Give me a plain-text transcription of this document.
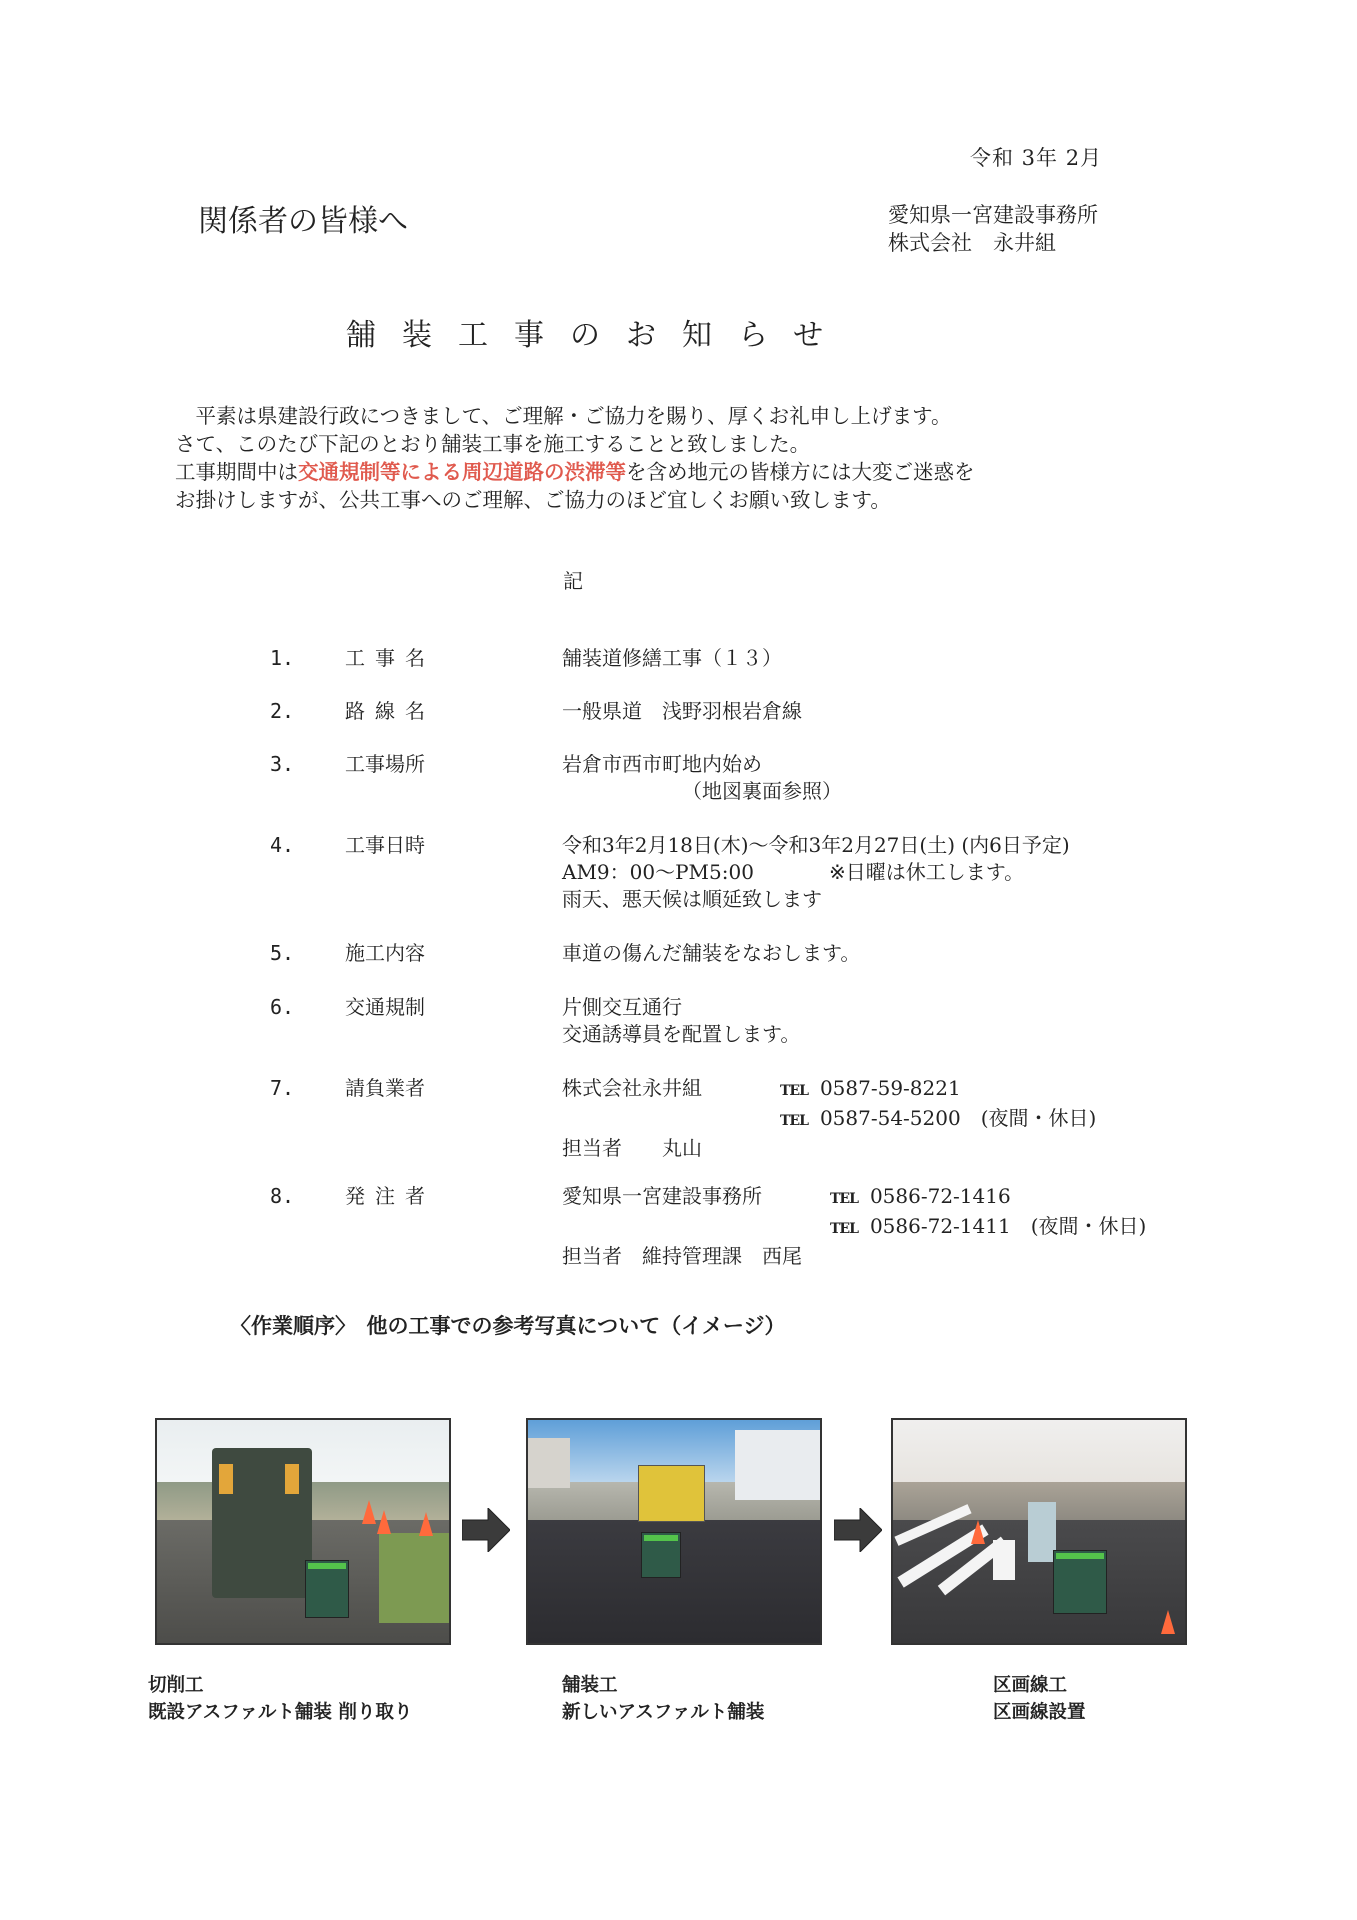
令和 3年 2月
関係者の皆様へ	愛知県一宮建設事務所
株式会社　永井組
舗装工事のお知らせ
　平素は県建設行政につきまして、ご理解・ご協力を賜り、厚くお礼申し上げます。
さて、このたび下記のとおり舗装工事を施工することと致しました。
工事期間中は交通規制等による周辺道路の渋滞等を含め地元の皆様方には大変ご迷惑を
お掛けしますが、公共工事へのご理解、ご協力のほど宜しくお願い致します。
記
1.	工事名	舗装道修繕工事（１３）
2.	路線名	一般県道　浅野羽根岩倉線
3.	工事場所	岩倉市西市町地内始め
（地図裏面参照）
4.	工事日時	令和3年2月18日(木)～令和3年2月27日(土) (内6日予定)
AM9：00～PM5:00	※日曜は休工します。
雨天、悪天候は順延致します
5.	施工内容	車道の傷んだ舗装をなおします。
6.	交通規制	片側交互通行
交通誘導員を配置します。
7.	請負業者	株式会社永井組	TEL 0587-59-8221
TEL 0587-54-5200　(夜間・休日)
担当者　　丸山
8.	発注者	愛知県一宮建設事務所	TEL 0586-72-1416
TEL 0586-72-1411　(夜間・休日)
担当者　維持管理課　西尾
〈作業順序〉　他の工事での参考写真について（イメージ）
切削工
既設アスファルト舗装 削り取り
舗装工
新しいアスファルト舗装
区画線工
区画線設置
